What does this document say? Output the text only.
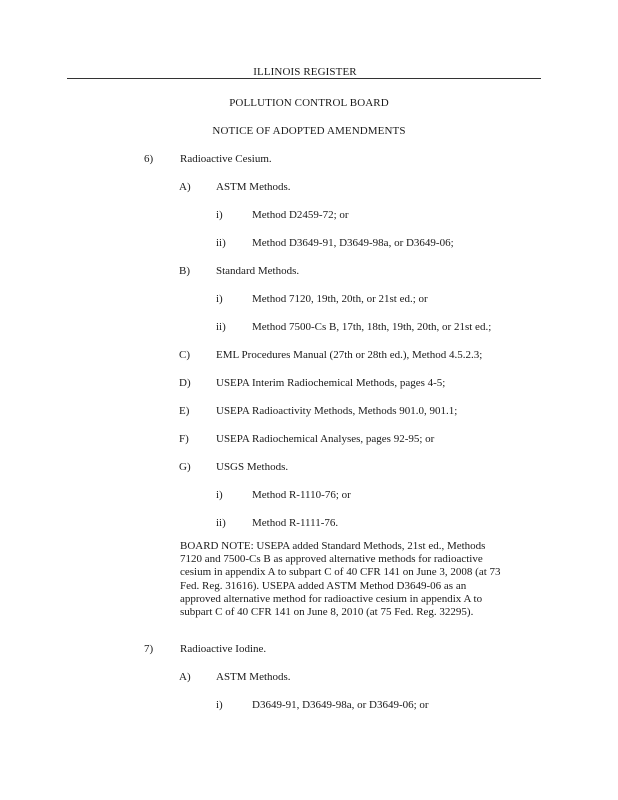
ILLINOIS REGISTER
POLLUTION CONTROL BOARD
NOTICE OF ADOPTED AMENDMENTS
6) Radioactive Cesium.
A) ASTM Methods.
i)	Method D2459-72; or
ii) Method D3649-91, D3649-98a, or D3649-06;
B) Standard Methods.
i)	Method 7120, 19th, 20th, or 21st ed.; or
ii) Method 7500-Cs B, 17th, 18th, 19th, 20th, or 21st ed.;
C) EML Procedures Manual (27th or 28th ed.), Method 4.5.2.3;
D) USEPA Interim Radiochemical Methods, pages 4-5;
E) USEPA Radioactivity Methods, Methods 901.0, 901.1;
F) USEPA Radiochemical Analyses, pages 92-95; or
G) USGS Methods.
i)	Method R-1110-76; or
ii) Method R-1111-76.
BOARD NOTE: USEPA added Standard Methods, 21st ed., Methods
7120 and 7500-Cs B as approved alternative methods for radioactive
cesium in appendix A to subpart C of 40 CFR 141 on June 3, 2008 (at 73
Fed. Reg. 31616). USEPA added ASTM Method D3649-06 as an
approved alternative method for radioactive cesium in appendix A to
subpart C of 40 CFR 141 on June 8, 2010 (at 75 Fed. Reg. 32295).
7) Radioactive Iodine.
A) ASTM Methods.
i)	D3649-91, D3649-98a, or D3649-06; or
